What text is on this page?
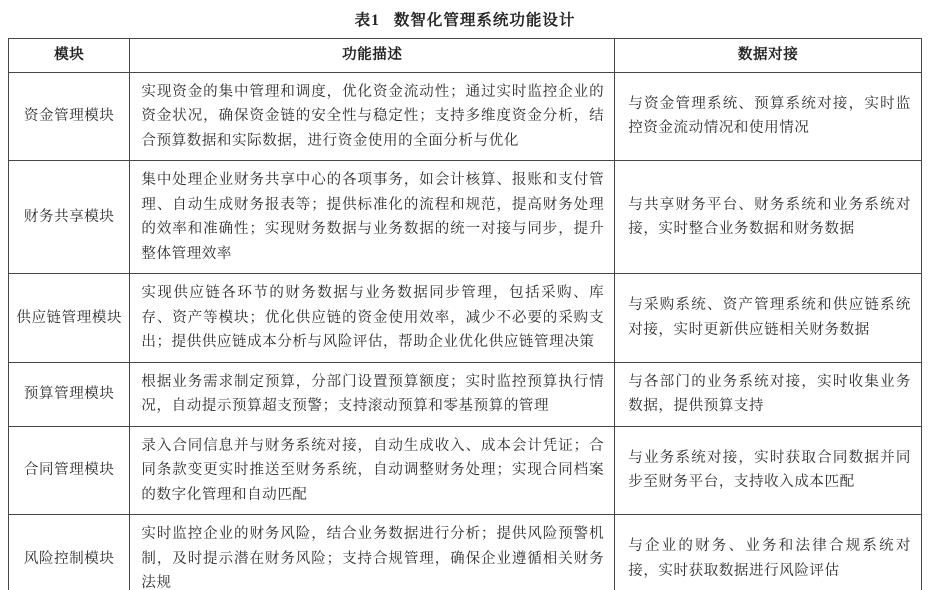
表1 数智化管理系统功能设计
模块	功能描述	数据对接
资金管理模块	实现资金的集中管理和调度，优化资金流动性；通过实时监控企业的资金状况，确保资金链的安全性与稳定性；支持多维度资金分析，结合预算数据和实际数据，进行资金使用的全面分析与优化	与资金管理系统、预算系统对接，实时监控资金流动情况和使用情况
财务共享模块	集中处理企业财务共享中心的各项事务，如会计核算、报账和支付管理、自动生成财务报表等；提供标准化的流程和规范，提高财务处理的效率和准确性；实现财务数据与业务数据的统一对接与同步，提升整体管理效率	与共享财务平台、财务系统和业务系统对接，实时整合业务数据和财务数据
供应链管理模块	实现供应链各环节的财务数据与业务数据同步管理，包括采购、库存、资产等模块；优化供应链的资金使用效率，减少不必要的采购支出；提供供应链成本分析与风险评估，帮助企业优化供应链管理决策	与采购系统、资产管理系统和供应链系统对接，实时更新供应链相关财务数据
预算管理模块	根据业务需求制定预算，分部门设置预算额度；实时监控预算执行情况，自动提示预算超支预警；支持滚动预算和零基预算的管理	与各部门的业务系统对接，实时收集业务数据，提供预算支持
合同管理模块	录入合同信息并与财务系统对接，自动生成收入、成本会计凭证；合同条款变更实时推送至财务系统，自动调整财务处理；实现合同档案的数字化管理和自动匹配	与业务系统对接，实时获取合同数据并同步至财务平台，支持收入成本匹配
风险控制模块	实时监控企业的财务风险，结合业务数据进行分析；提供风险预警机制，及时提示潜在财务风险；支持合规管理，确保企业遵循相关财务法规	与企业的财务、业务和法律合规系统对接，实时获取数据进行风险评估
